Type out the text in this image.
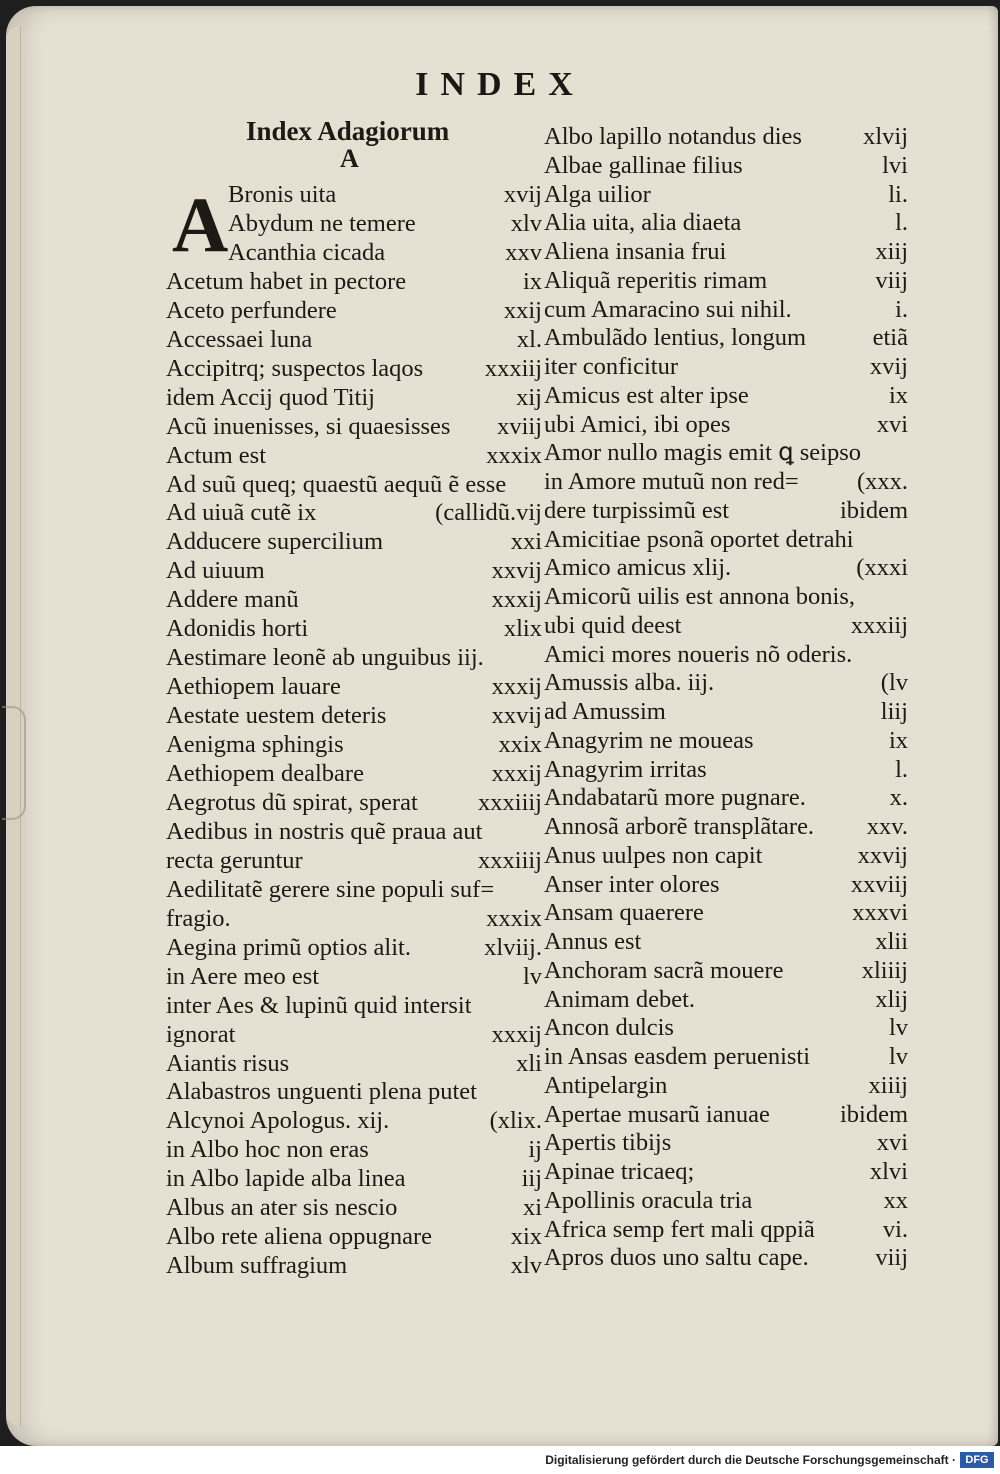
INDEX
Index Adagiorum
A
A Bronis uita	xvij
Abydum ne temere	xlv
Acanthia cicada	xxv
Acetum habet in pectore	ix
Aceto perfundere	xxij
Accessaei luna	xl.
Accipitrq; suspectos laqos	xxxiij
idem Accij quod Titij	xij
Acũ inuenisses, si quaesisses xviij
Actum est	xxxix
Ad suũ queq; quaestũ aequũ ẽ esse
Ad uiuã cutẽ ix	(callidũ.vij
Adducere supercilium	xxi
Ad uiuum	xxvij
Addere manũ	xxxij
Adonidis horti	xlix
Aestimare leonẽ ab unguibus iij.
Aethiopem lauare	xxxij
Aestate uestem deteris	xxvij
Aenigma sphingis	xxix
Aethiopem dealbare	xxxij
Aegrotus dũ spirat, sperat xxxiiij
Aedibus in nostris quẽ praua aut
recta geruntur	xxxiiij
Aedilitatẽ gerere sine populi suf=
fragio.	xxxix
Aegina primũ optios alit.	xlviij.
in Aere meo est	lv
inter Aes & lupinũ quid intersit
ignorat	xxxij
Aiantis risus	xli
Alabastros unguenti plena putet
Alcynoi Apologus. xij.	(xlix.
in Albo hoc non eras	ij
in Albo lapide alba linea	iij
Albus an ater sis nescio	xi
Albo rete aliena oppugnare	xix
Album suffragium	xlv
Albo lapillo notandus dies xlvij
Albae gallinae filius	lvi
Alga uilior	li.
Alia uita, alia diaeta	l.
Aliena insania frui	xiij
Aliquã reperitis rimam	viij
cum Amaracino sui nihil.	i.
Ambulãdo lentius, longum	etiã
iter conficitur	xvij
Amicus est alter ipse	ix
ubi Amici, ibi opes	xvi
Amor nullo magis emit ꝗ seipso
in Amore mutuũ non red= (xxx.
dere turpissimũ est	ibidem
Amicitiae psonã oportet detrahi
Amico amicus xlij.	(xxxi
Amicorũ uilis est annona bonis,
ubi quid deest	xxxiij
Amici mores noueris nõ oderis.
Amussis alba. iij.	(lv
ad Amussim	liij
Anagyrim ne moueas	ix
Anagyrim irritas	l.
Andabatarũ more pugnare.	x.
Annosã arborẽ transplãtare. xxv.
Anus uulpes non capit	xxvij
Anser inter olores	xxviij
Ansam quaerere	xxxvi
Annus est	xlii
Anchoram sacrã mouere	xliiij
Animam debet.	xlij
Ancon dulcis	lv
in Ansas easdem peruenisti	lv
Antipelargin	xiiij
Apertae musarũ ianuae	ibidem
Apertis tibijs	xvi
Apinae tricaeq;	xlvi
Apollinis oracula tria	xx
Africa semp fert mali qppiã	vi.
Apros duos uno saltu cape.	viij
Digitalisierung gefördert durch die Deutsche Forschungsgemeinschaft · DFG
